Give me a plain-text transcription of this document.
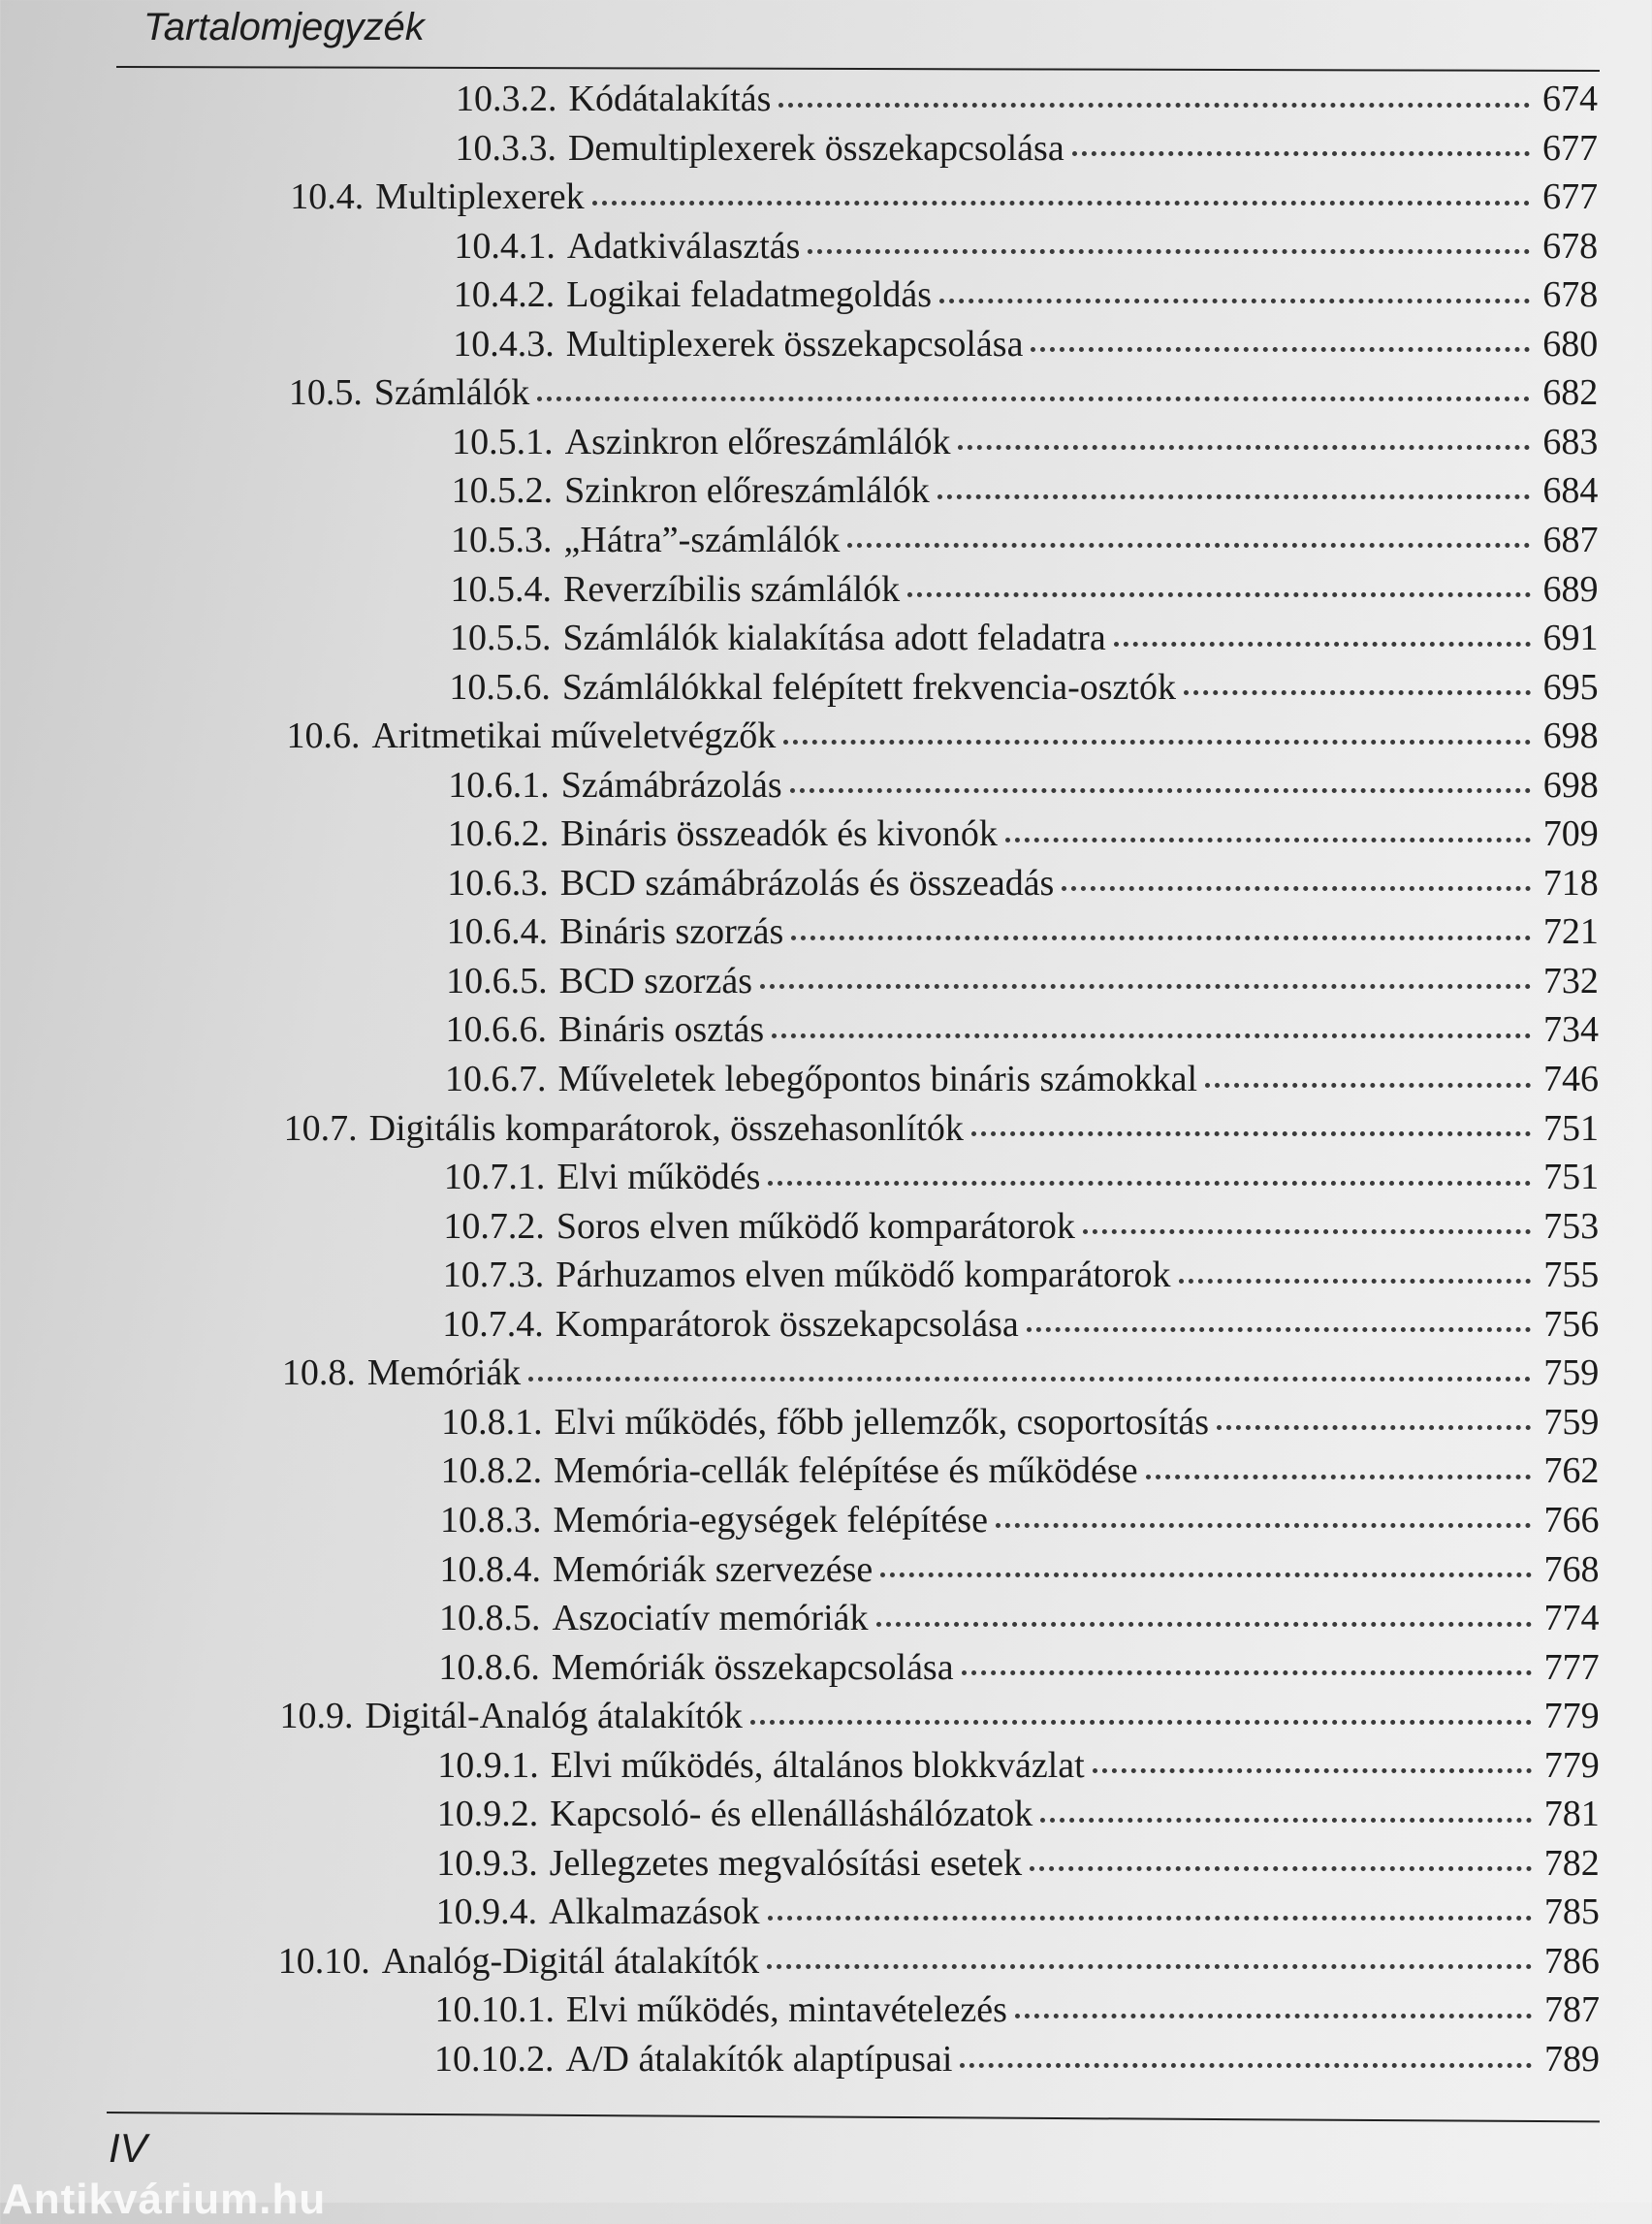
Tartalomjegyzék
10.3.2. Kódátalakítás	674
10.3.3. Demultiplexerek összekapcsolása	677
10.4. Multiplexerek	677
10.4.1. Adatkiválasztás	678
10.4.2. Logikai feladatmegoldás	678
10.4.3. Multiplexerek összekapcsolása	680
10.5. Számlálók	682
10.5.1. Aszinkron előreszámlálók	683
10.5.2. Szinkron előreszámlálók	684
10.5.3. „Hátra”-számlálók	687
10.5.4. Reverzíbilis számlálók	689
10.5.5. Számlálók kialakítása adott feladatra	691
10.5.6. Számlálókkal felépített frekvencia-osztók	695
10.6. Aritmetikai műveletvégzők	698
10.6.1. Számábrázolás	698
10.6.2. Bináris összeadók és kivonók	709
10.6.3. BCD számábrázolás és összeadás	718
10.6.4. Bináris szorzás	721
10.6.5. BCD szorzás	732
10.6.6. Bináris osztás	734
10.6.7. Műveletek lebegőpontos bináris számokkal	746
10.7. Digitális komparátorok, összehasonlítók	751
10.7.1. Elvi működés	751
10.7.2. Soros elven működő komparátorok	753
10.7.3. Párhuzamos elven működő komparátorok	755
10.7.4. Komparátorok összekapcsolása	756
10.8. Memóriák	759
10.8.1. Elvi működés, főbb jellemzők, csoportosítás	759
10.8.2. Memória-cellák felépítése és működése	762
10.8.3. Memória-egységek felépítése	766
10.8.4. Memóriák szervezése	768
10.8.5. Aszociatív memóriák	774
10.8.6. Memóriák összekapcsolása	777
10.9. Digitál-Analóg átalakítók	779
10.9.1. Elvi működés, általános blokkvázlat	779
10.9.2. Kapcsoló- és ellenálláshálózatok	781
10.9.3. Jellegzetes megvalósítási esetek	782
10.9.4. Alkalmazások	785
10.10. Analóg-Digitál átalakítók	786
10.10.1. Elvi működés, mintavételezés	787
10.10.2. A/D átalakítók alaptípusai	789
IV
Antikvárium.hu
